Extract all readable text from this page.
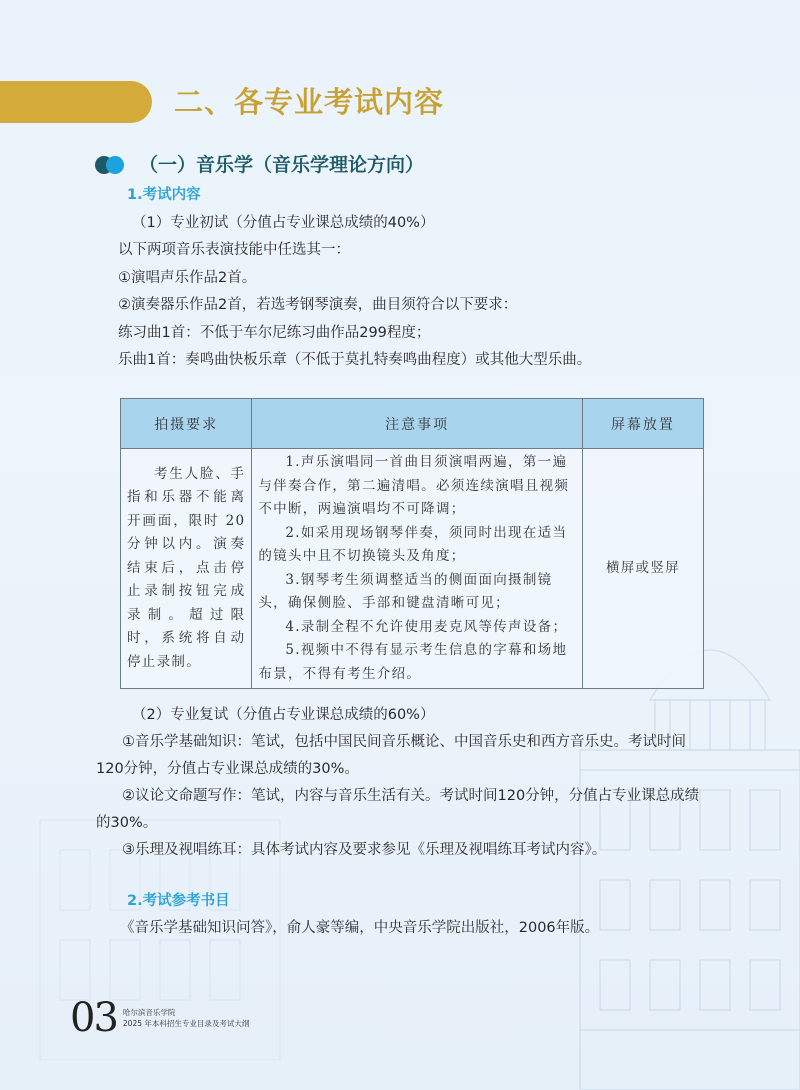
二、各专业考试内容
（一）音乐学（音乐学理论方向）
1.考试内容
（1）专业初试（分值占专业课总成绩的40%）
以下两项音乐表演技能中任选其一：
①演唱声乐作品2首。
②演奏器乐作品2首，若选考钢琴演奏，曲目须符合以下要求：
练习曲1首：不低于车尔尼练习曲作品299程度；
乐曲1首：奏鸣曲快板乐章（不低于莫扎特奏鸣曲程度）或其他大型乐曲。
拍摄要求	注意事项	屏幕放置
考生人脸、手指和乐器不能离开画面，限时 20 分钟以内。演奏结束后，点击停止录制按钮完成录制。超过限时，系统将自动停止录制。	1.声乐演唱同一首曲目须演唱两遍，第一遍与伴奏合作，第二遍清唱。必须连续演唱且视频不中断，两遍演唱均不可降调；
2.如采用现场钢琴伴奏，须同时出现在适当的镜头中且不切换镜头及角度；
3.钢琴考生须调整适当的侧面面向摄制镜头，确保侧脸、手部和键盘清晰可见；
4.录制全程不允许使用麦克风等传声设备；
5.视频中不得有显示考生信息的字幕和场地布景，不得有考生介绍。	横屏或竖屏
（2）专业复试（分值占专业课总成绩的60%）
①音乐学基础知识：笔试，包括中国民间音乐概论、中国音乐史和西方音乐史。考试时间120分钟，分值占专业课总成绩的30%。
②议论文命题写作：笔试，内容与音乐生活有关。考试时间120分钟，分值占专业课总成绩的30%。
③乐理及视唱练耳：具体考试内容及要求参见《乐理及视唱练耳考试内容》。
2.考试参考书目
《音乐学基础知识问答》，俞人豪等编，中央音乐学院出版社，2006年版。
03 哈尔滨音乐学院
2025 年本科招生专业目录及考试大纲
